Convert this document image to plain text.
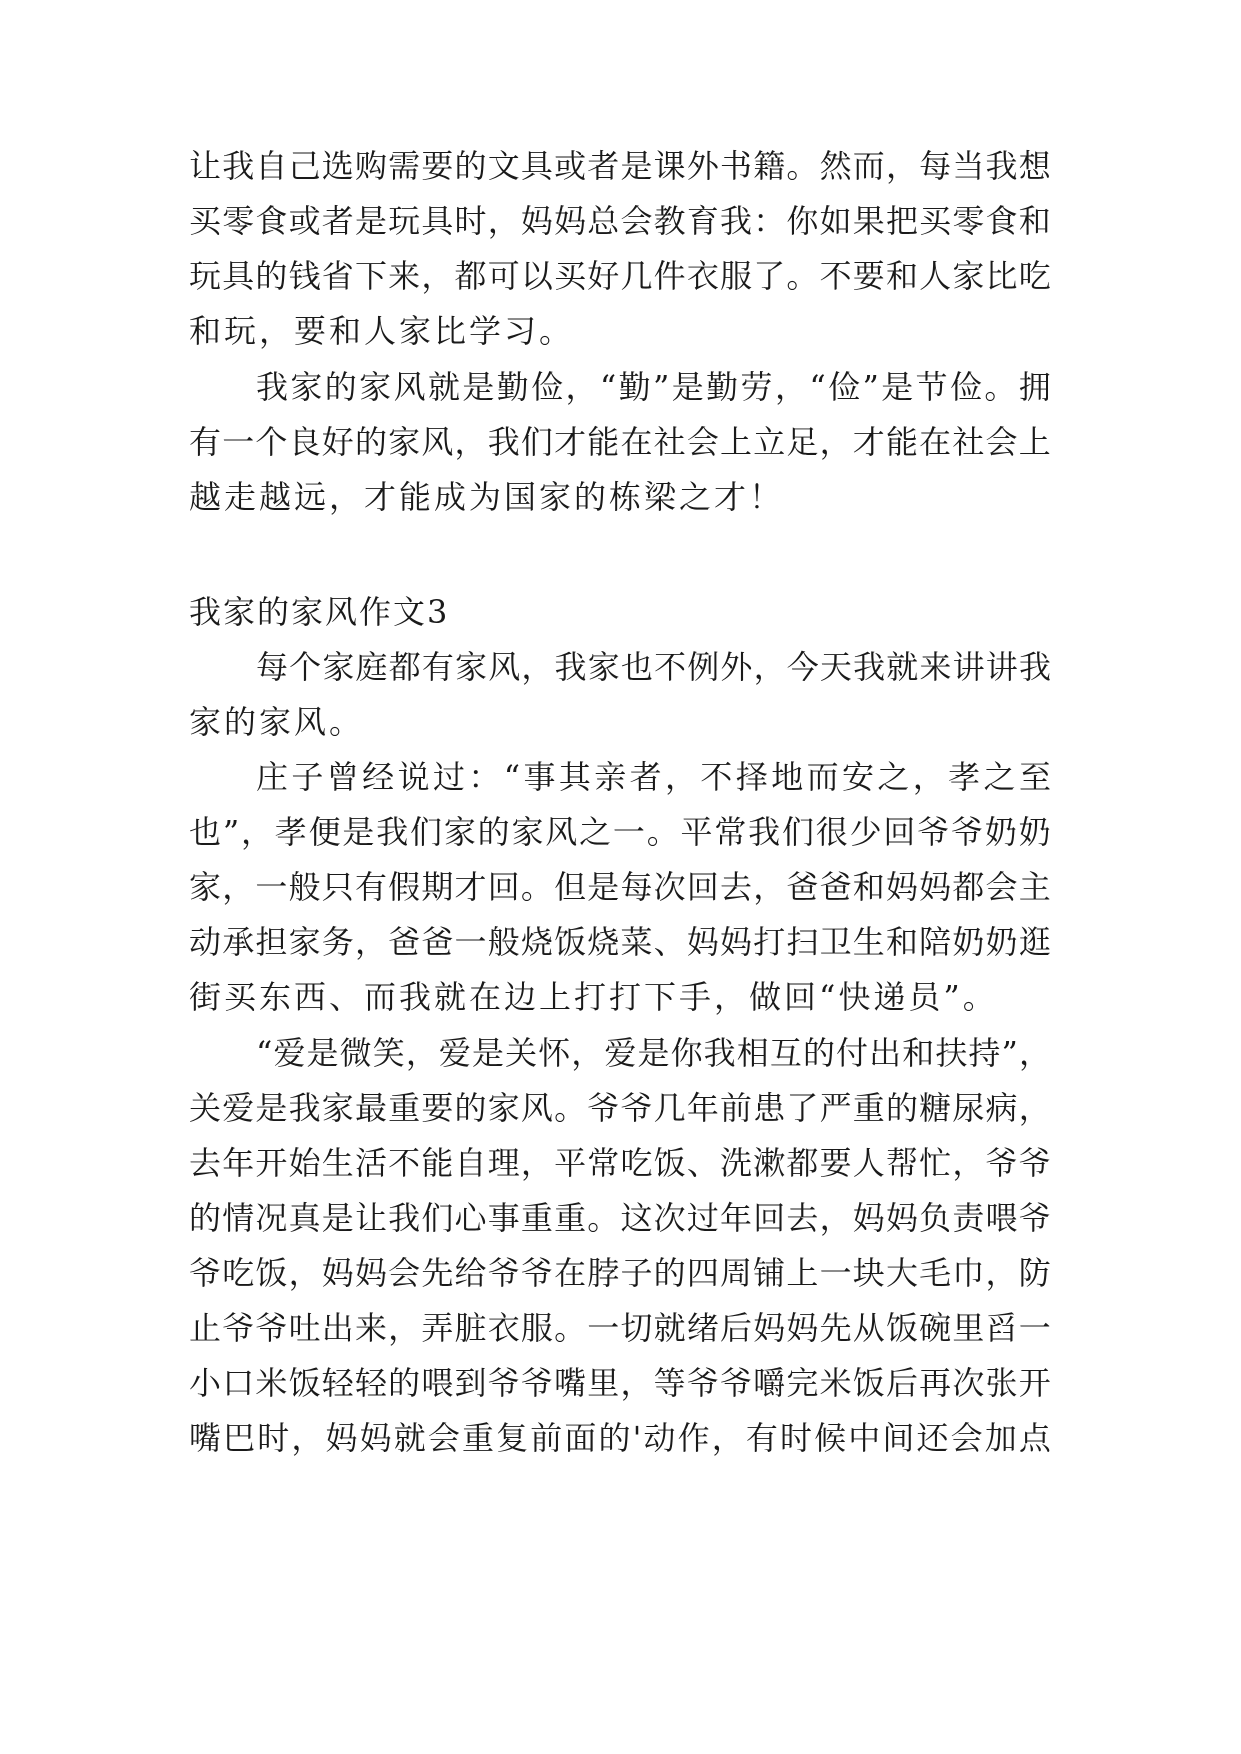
让 我 自 己 选 购 需 要 的 文 具 或 者 是 课 外 书 籍 。 然 而 ， 每 当 我 想
买 零 食 或 者 是 玩 具 时 ， 妈 妈 总 会 教 育 我 ： 你 如 果 把 买 零 食 和
玩 具 的 钱 省 下 来 ， 都 可 以 买 好 几 件 衣 服 了 。 不 要 和 人 家 比 吃
和玩，要和人家比学习。
我 家 的 家 风 就 是 勤 俭 ， “ 勤 ” 是 勤 劳 ， “ 俭 ” 是 节 俭 。 拥
有 一 个 良 好 的 家 风 ， 我 们 才 能 在 社 会 上 立 足 ， 才 能 在 社 会 上
越走越远，才能成为国家的栋梁之才！
我家的家风作文3
每 个 家 庭 都 有 家 风 ， 我 家 也 不 例 外 ， 今 天 我 就 来 讲 讲 我
家的家风。
庄 子 曾 经 说 过 ： “ 事 其 亲 者 ， 不 择 地 而 安 之 ， 孝 之 至
也 ” ， 孝 便 是 我 们 家 的 家 风 之 一 。 平 常 我 们 很 少 回 爷 爷 奶 奶
家 ， 一 般 只 有 假 期 才 回 。 但 是 每 次 回 去 ， 爸 爸 和 妈 妈 都 会 主
动 承 担 家 务 ， 爸 爸 一 般 烧 饭 烧 菜 、 妈 妈 打 扫 卫 生 和 陪 奶 奶 逛
街买东西、而我就在边上打打下手，做回“快递员”。
“ 爱 是 微 笑 ， 爱 是 关 怀 ， 爱 是 你 我 相 互 的 付 出 和 扶 持 ” ，
关 爱 是 我 家 最 重 要 的 家 风 。 爷 爷 几 年 前 患 了 严 重 的 糖 尿 病 ，
去 年 开 始 生 活 不 能 自 理 ， 平 常 吃 饭 、 洗 漱 都 要 人 帮 忙 ， 爷 爷
的 情 况 真 是 让 我 们 心 事 重 重 。 这 次 过 年 回 去 ， 妈 妈 负 责 喂 爷
爷 吃 饭 ， 妈 妈 会 先 给 爷 爷 在 脖 子 的 四 周 铺 上 一 块 大 毛 巾 ， 防
止 爷 爷 吐 出 来 ， 弄 脏 衣 服 。 一 切 就 绪 后 妈 妈 先 从 饭 碗 里 舀 一
小 口 米 饭 轻 轻 的 喂 到 爷 爷 嘴 里 ， 等 爷 爷 嚼 完 米 饭 后 再 次 张 开
嘴 巴 时 ， 妈 妈 就 会 重 复 前 面 的 ' 动 作 ， 有 时 候 中 间 还 会 加 点
